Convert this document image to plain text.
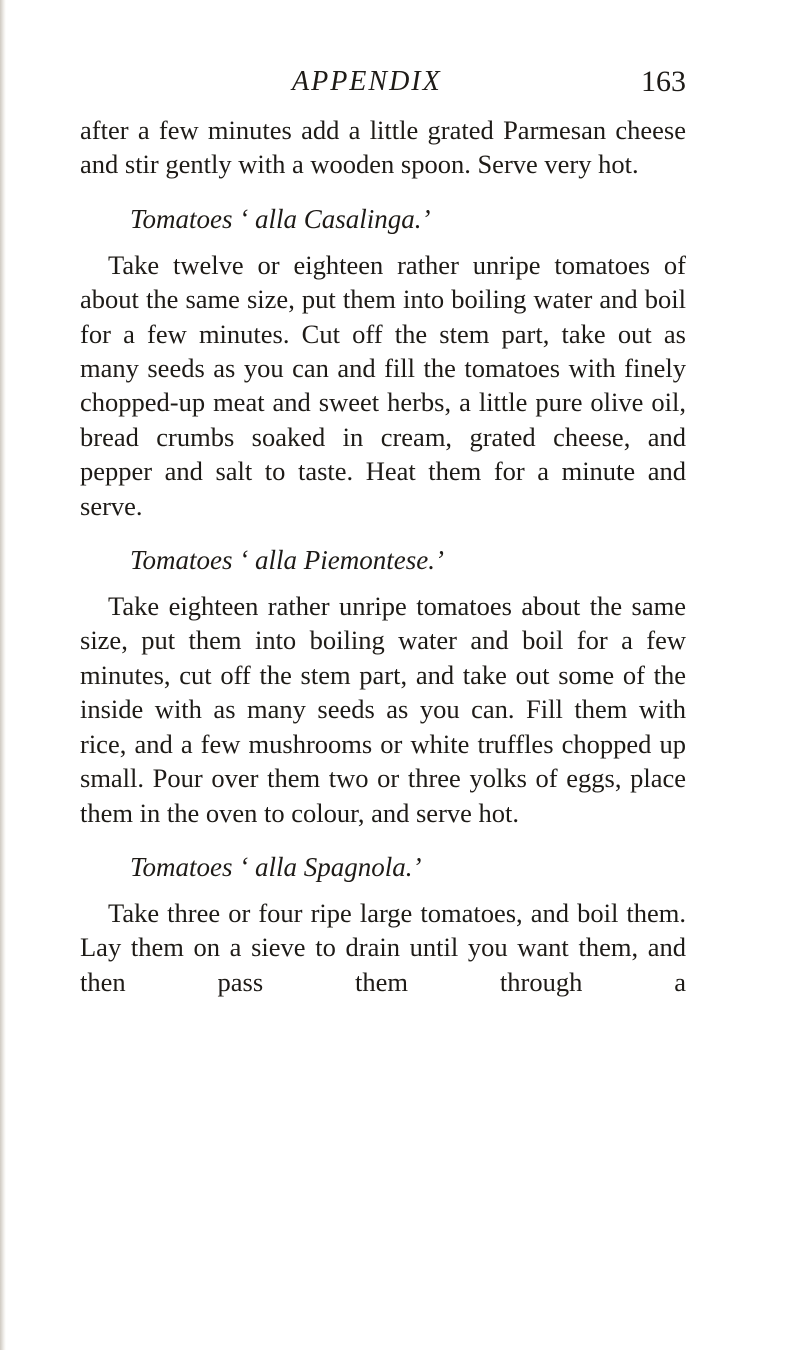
APPENDIX	163

after a few minutes add a little grated Parmesan cheese and stir gently with a wooden spoon. Serve very hot.

Tomatoes ‘ alla Casalinga.’

Take twelve or eighteen rather unripe tomatoes of about the same size, put them into boiling water and boil for a few minutes. Cut off the stem part, take out as many seeds as you can and fill the tomatoes with finely chopped-up meat and sweet herbs, a little pure olive oil, bread crumbs soaked in cream, grated cheese, and pepper and salt to taste. Heat them for a minute and serve.

Tomatoes ‘ alla Piemontese.’

Take eighteen rather unripe tomatoes about the same size, put them into boiling water and boil for a few minutes, cut off the stem part, and take out some of the inside with as many seeds as you can. Fill them with rice, and a few mushrooms or white truffles chopped up small. Pour over them two or three yolks of eggs, place them in the oven to colour, and serve hot.

Tomatoes ‘ alla Spagnola.’

Take three or four ripe large tomatoes, and boil them. Lay them on a sieve to drain until you want them, and then pass them through a
